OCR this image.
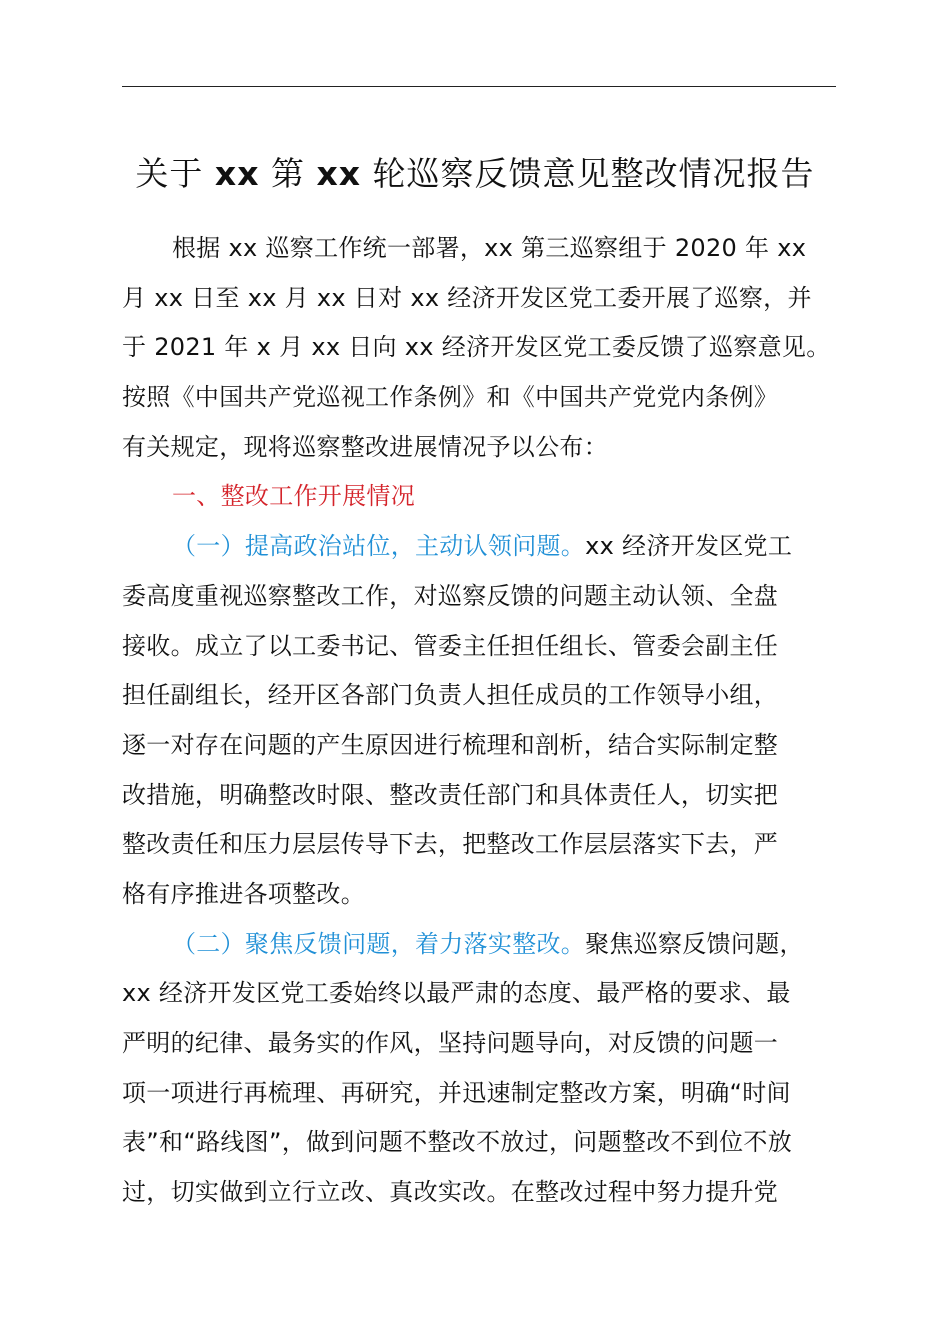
关于 xx 第 xx 轮巡察反馈意见整改情况报告
根据 xx 巡察工作统一部署，xx 第三巡察组于 2020 年 xx
月 xx 日至 xx 月 xx 日对 xx 经济开发区党工委开展了巡察，并
于 2021 年 x 月 xx 日向 xx 经济开发区党工委反馈了巡察意见。
按照《中国共产党巡视工作条例》和《中国共产党党内条例》
有关规定，现将巡察整改进展情况予以公布：
一、整改工作开展情况
（一）提高政治站位，主动认领问题。xx 经济开发区党工
委高度重视巡察整改工作，对巡察反馈的问题主动认领、全盘
接收。成立了以工委书记、管委主任担任组长、管委会副主任
担任副组长，经开区各部门负责人担任成员的工作领导小组，
逐一对存在问题的产生原因进行梳理和剖析，结合实际制定整
改措施，明确整改时限、整改责任部门和具体责任人，切实把
整改责任和压力层层传导下去，把整改工作层层落实下去，严
格有序推进各项整改。
（二）聚焦反馈问题，着力落实整改。聚焦巡察反馈问题，
xx 经济开发区党工委始终以最严肃的态度、最严格的要求、最
严明的纪律、最务实的作风，坚持问题导向，对反馈的问题一
项一项进行再梳理、再研究，并迅速制定整改方案，明确“时间
表”和“路线图”，做到问题不整改不放过，问题整改不到位不放
过，切实做到立行立改、真改实改。在整改过程中努力提升党
